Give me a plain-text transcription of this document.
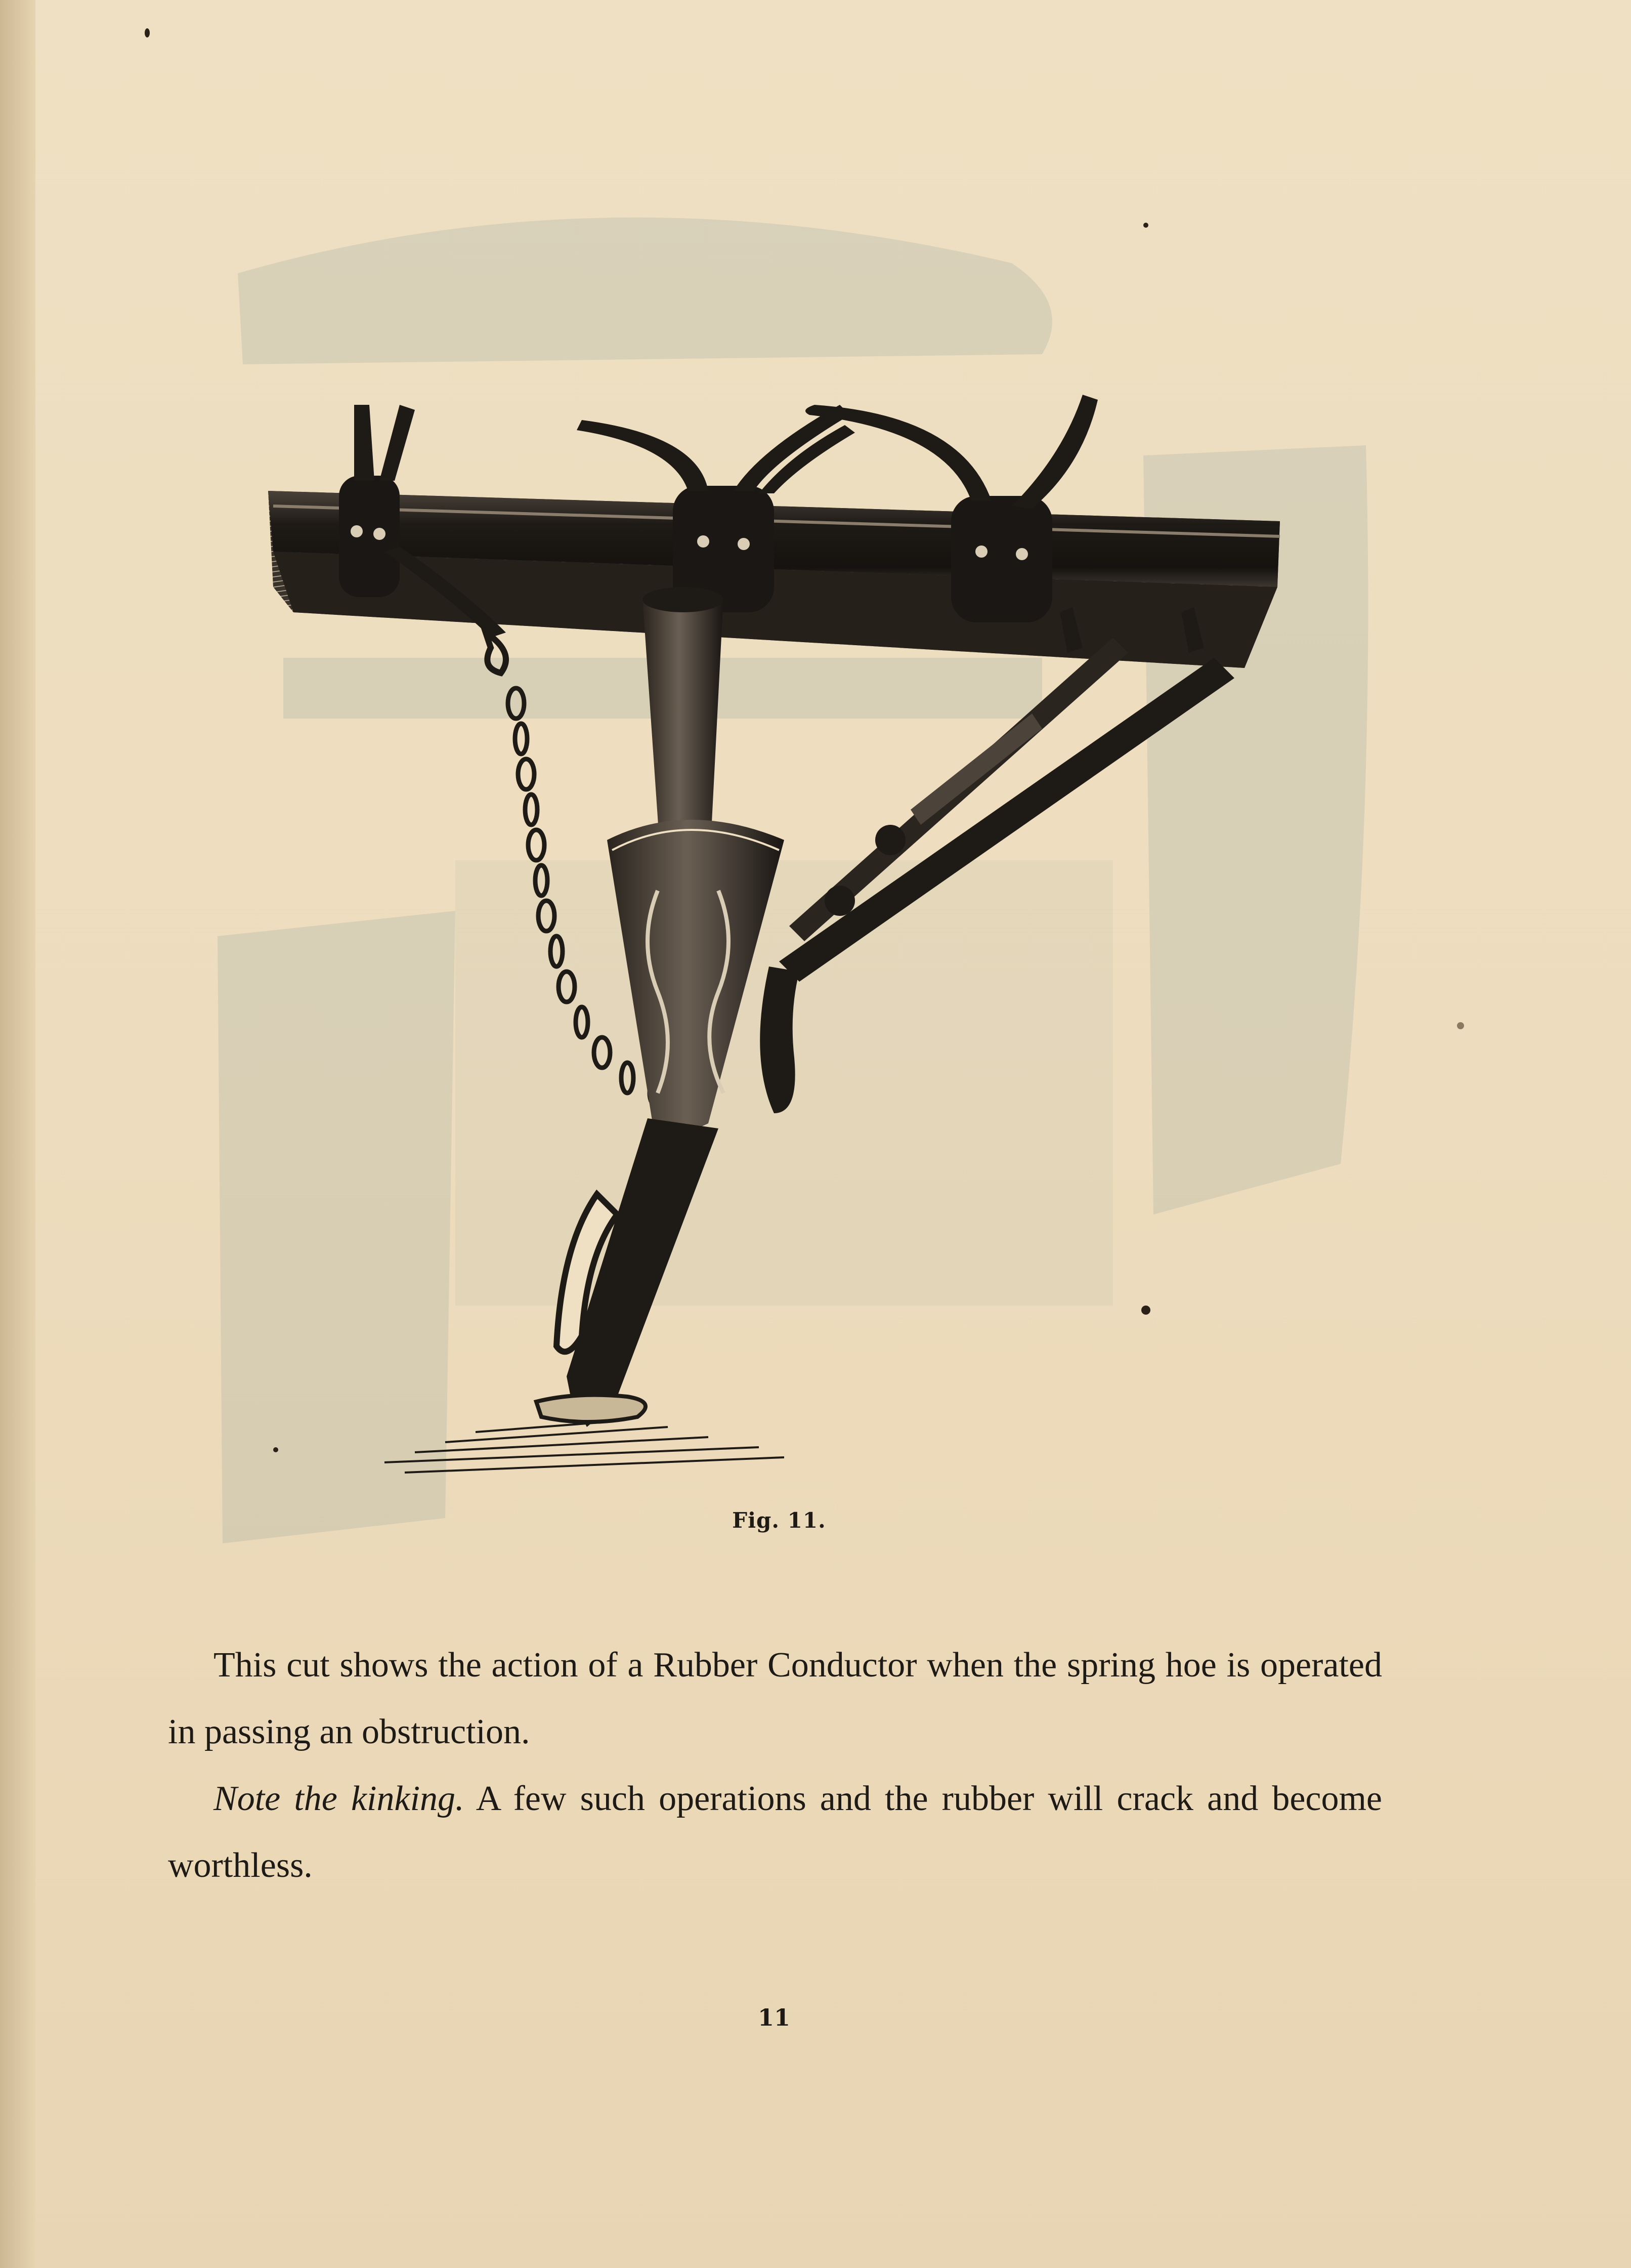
Fig. 11.

This cut shows the action of a Rubber Conductor when the spring hoe is operated in passing an obstruction.

Note the kinking. A few such operations and the rubber will crack and become worthless.

11
